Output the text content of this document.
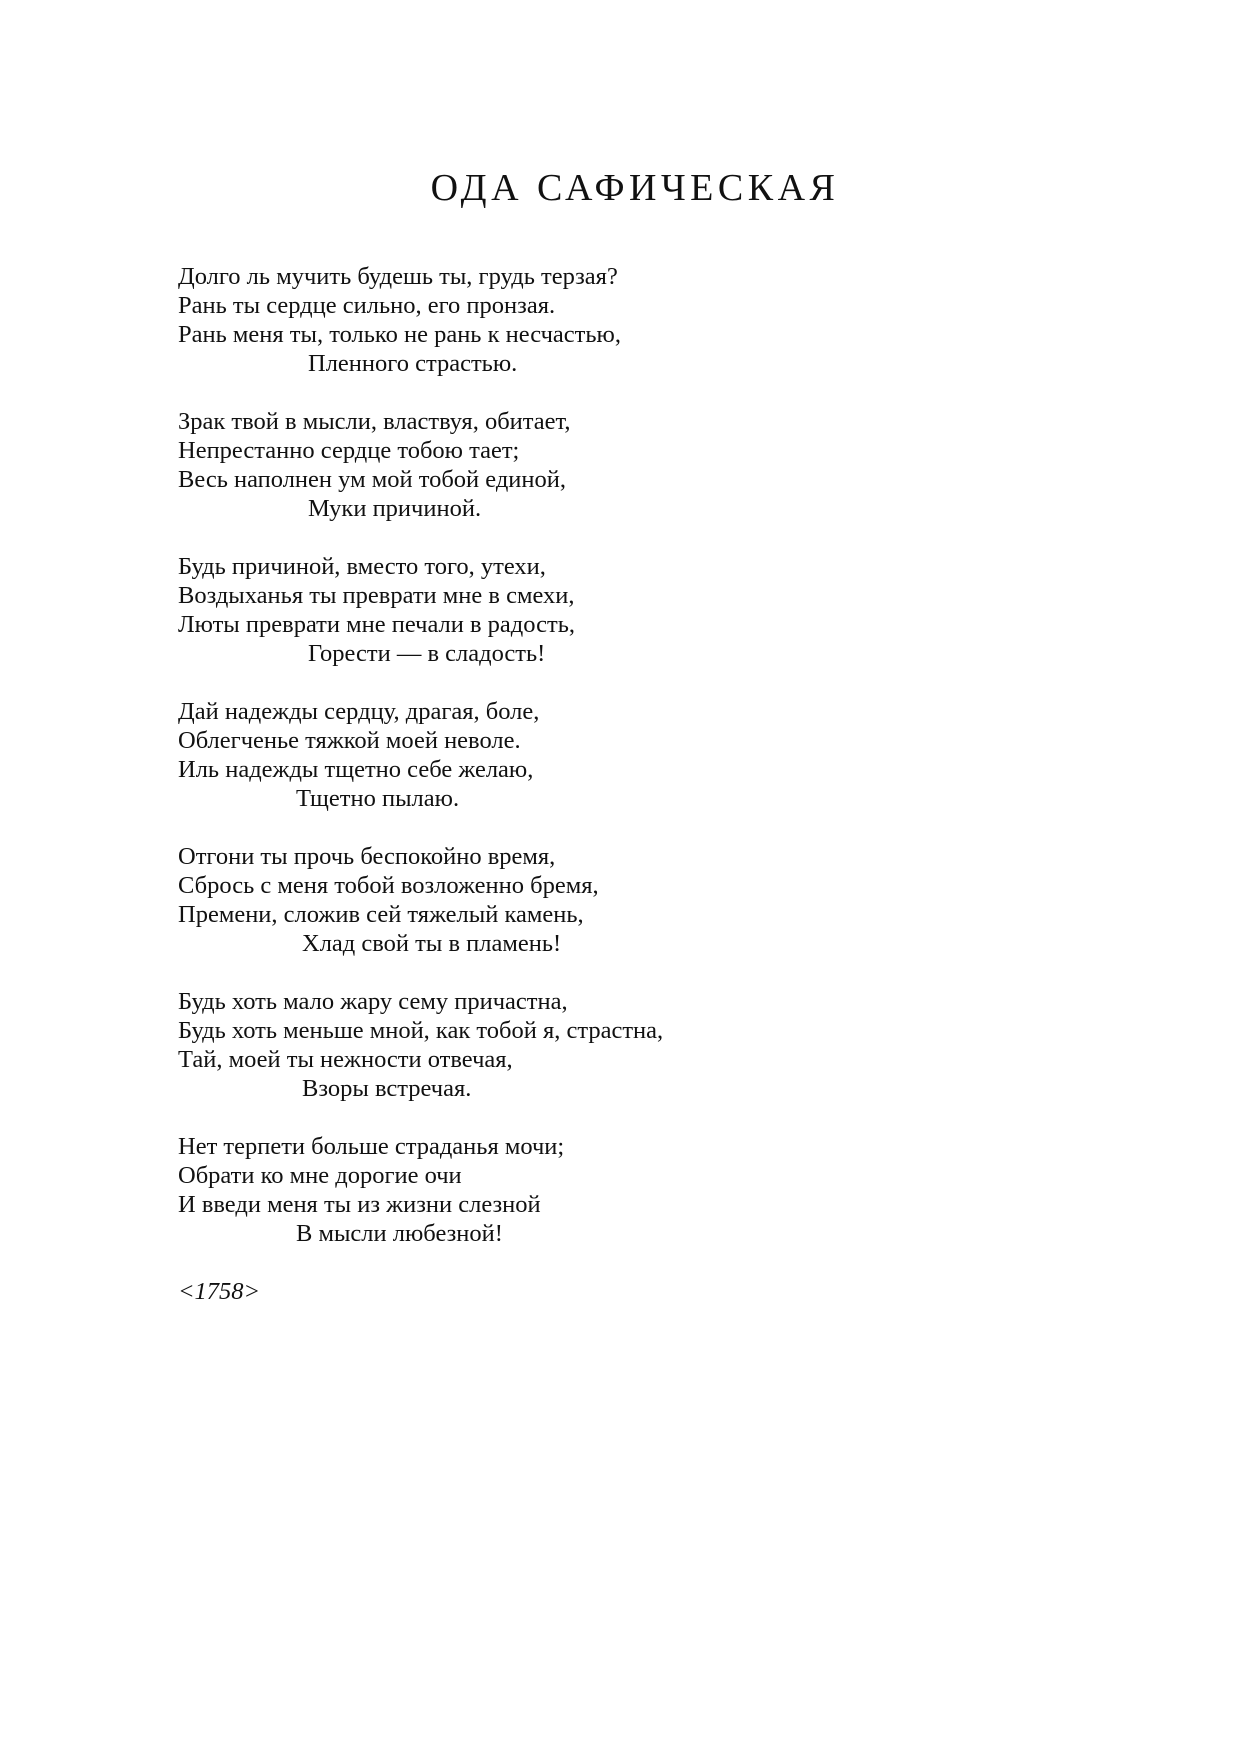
ОДА САФИЧЕСКАЯ
Долго ль мучить будешь ты, грудь терзая?
Рань ты сердце сильно, его пронзая.
Рань меня ты, только не рань к несчастью,
Пленного страстью.
Зрак твой в мысли, властвуя, обитает,
Непрестанно сердце тобою тает;
Весь наполнен ум мой тобой единой,
Муки причиной.
Будь причиной, вместо того, утехи,
Воздыханья ты преврати мне в смехи,
Люты преврати мне печали в радость,
Горести — в сладость!
Дай надежды сердцу, драгая, боле,
Облегченье тяжкой моей неволе.
Иль надежды тщетно себе желаю,
Тщетно пылаю.
Отгони ты прочь беспокойно время,
Сбрось с меня тобой возложенно бремя,
Премени, сложив сей тяжелый камень,
Хлад свой ты в пламень!
Будь хоть мало жару сему причастна,
Будь хоть меньше мной, как тобой я, страстна,
Тай, моей ты нежности отвечая,
Взоры встречая.
Нет терпети больше страданья мочи;
Обрати ко мне дорогие очи
И введи меня ты из жизни слезной
В мысли любезной!
<1758>
